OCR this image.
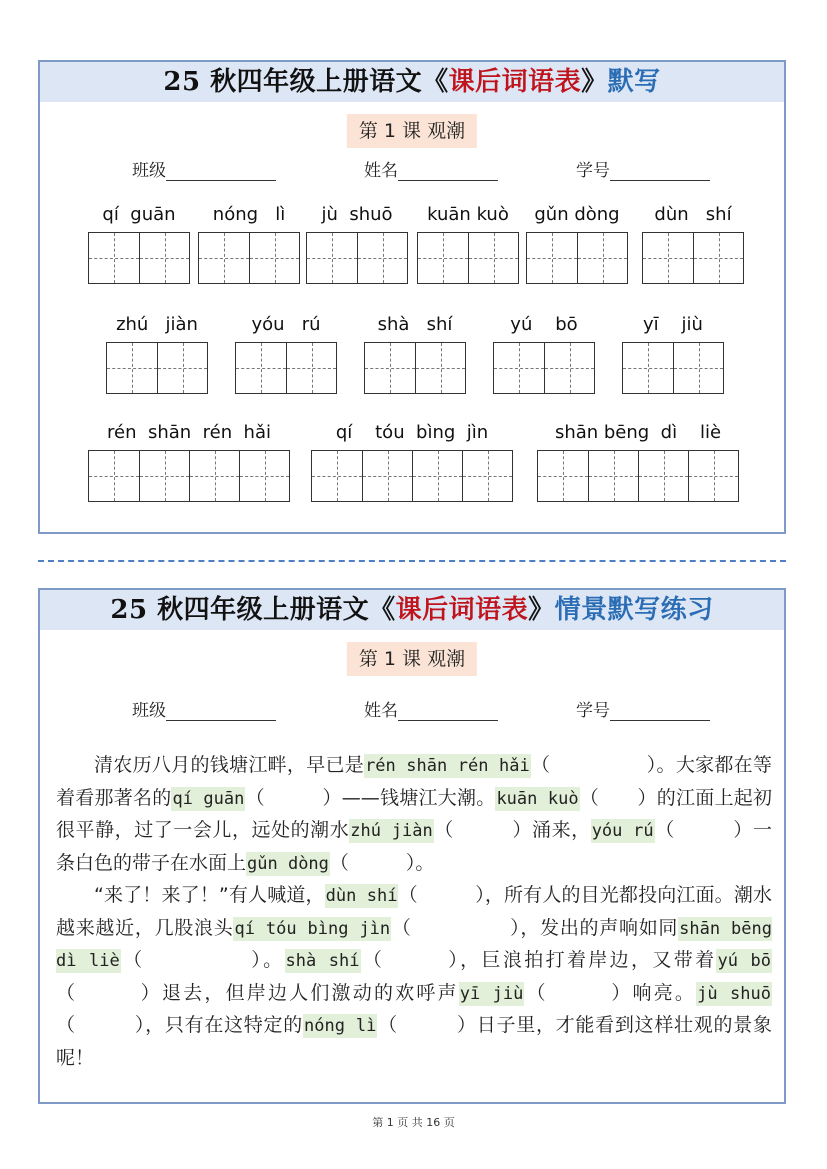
25 秋四年级上册语文《课后词语表》默写
第 1 课 观潮
班级	姓名	学号
qí  guān	nóng   lì	jù  shuō	kuān kuò	gǔn dòng	dùn   shí
zhú   jiàn	yóu   rú	shà   shí	yú    bō	yī    jiù
rén  shān  rén  hǎi	qí    tóu  bìng  jìn	shān bēng  dì    liè
25 秋四年级上册语文《课后词语表》情景默写练习
第 1 课 观潮
班级	姓名	学号

清农历八月的钱塘江畔，早已是rén shān rén hǎi（　　　　　）。大家都在等着看那著名的qí guān（　　　）——钱塘江大潮。kuān kuò（　　）的江面上起初很平静，过了一会儿，远处的潮水zhú jiàn（　　　）涌来，yóu rú（　　　）一条白色的带子在水面上gǔn dòng（　　　）。

“来了！来了！”有人喊道，dùn shí（　　　），所有人的目光都投向江面。潮水越来越近，几股浪头qí tóu bìng jìn（　　　　　），发出的声响如同shān bēng dì liè（　　　　　）。shà shí（　　　），巨浪拍打着岸边，又带着yú bō（　　　）退去，但岸边人们激动的欢呼声yī jiù（　　　）响亮。jù shuō（　　　），只有在这特定的nóng lì（　　　）日子里，才能看到这样壮观的景象呢！

第 1 页 共 16 页
